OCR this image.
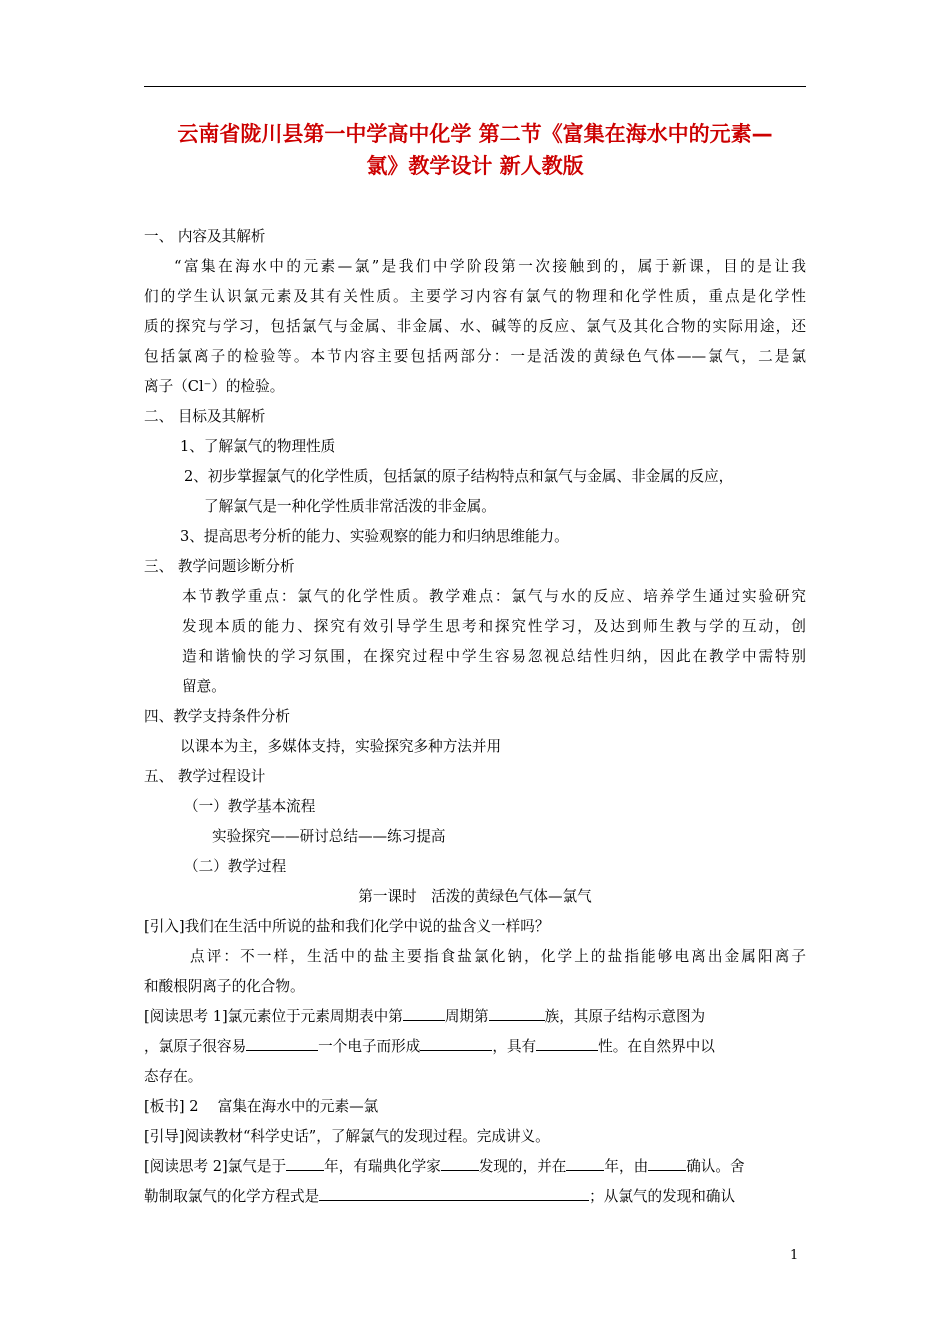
云南省陇川县第一中学高中化学 第二节《富集在海水中的元素—
氯》教学设计 新人教版

一、 内容及其解析

“富集在海水中的元素—氯”是我们中学阶段第一次接触到的，属于新课，目的是让我

们的学生认识氯元素及其有关性质。主要学习内容有氯气的物理和化学性质，重点是化学性

质的探究与学习，包括氯气与金属、非金属、水、碱等的反应、氯气及其化合物的实际用途，还

包括氯离子的检验等。本节内容主要包括两部分：一是活泼的黄绿色气体——氯气，二是氯

离子（Cl⁻）的检验。

二、 目标及其解析

1、了解氯气的物理性质

2、初步掌握氯气的化学性质，包括氯的原子结构特点和氯气与金属、非金属的反应，

了解氯气是一种化学性质非常活泼的非金属。

3、提高思考分析的能力、实验观察的能力和归纳思维能力。

三、 教学问题诊断分析

本节教学重点：氯气的化学性质。教学难点：氯气与水的反应、培养学生通过实验研究

发现本质的能力、探究有效引导学生思考和探究性学习，及达到师生教与学的互动，创

造和谐愉快的学习氛围，在探究过程中学生容易忽视总结性归纳，因此在教学中需特别

留意。

四、教学支持条件分析

以课本为主，多媒体支持，实验探究多种方法并用

五、 教学过程设计

（一）教学基本流程

实验探究——研讨总结——练习提高

（二）教学过程

第一课时　活泼的黄绿色气体—氯气

[引入]我们在生活中所说的盐和我们化学中说的盐含义一样吗？

点评：不一样，生活中的盐主要指食盐氯化钠，化学上的盐指能够电离出金属阳离子

和酸根阴离子的化合物。

[阅读思考 1]氯元素位于元素周期表中第	周期第	族，其原子结构示意图为

，氯原子很容易	一个电子而形成	，具有	性。在自然界中以

态存在。

[板书] 2　 富集在海水中的元素—氯

[引导]阅读教材“科学史话”，了解氯气的发现过程。完成讲义。

[阅读思考 2]氯气是于	年，有瑞典化学家	发现的，并在	年，由	确认。舍

勒制取氯气的化学方程式是	；从氯气的发现和确认

1
